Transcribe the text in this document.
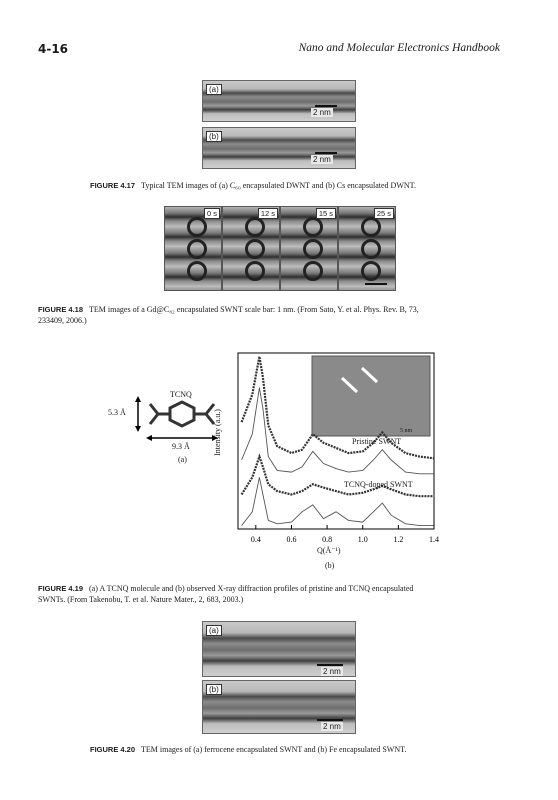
4-16	Nano and Molecular Electronics Handbook
(a)
2 nm
(b)
2 nm
FIGURE 4.17 Typical TEM images of (a) C₆₀ encapsulated DWNT and (b) Cs encapsulated DWNT.
0 s	12 s	15 s	25 s
FIGURE 4.18 TEM images of a Gd@C₈₂ encapsulated SWNT scale bar: 1 nm. (From Sato, Y. et al. Phys. Rev. B, 73,
233409, 2006.)
TCNQ
5.3 Å
9.3 Å
(a)
0.4	0.6	0.8	1.0	1.2	1.4
5 nm
Pristine SWNT
TCNQ-doped SWNT
Intensity (a.u.)
Q(Å⁻¹)
(b)
FIGURE 4.19 (a) A TCNQ molecule and (b) observed X-ray diffraction profiles of pristine and TCNQ encapsulated
SWNTs. (From Takenobu, T. et al. Nature Mater., 2, 683, 2003.)
(a)
2 nm
(b)
2 nm
FIGURE 4.20 TEM images of (a) ferrocene encapsulated SWNT and (b) Fe encapsulated SWNT.
